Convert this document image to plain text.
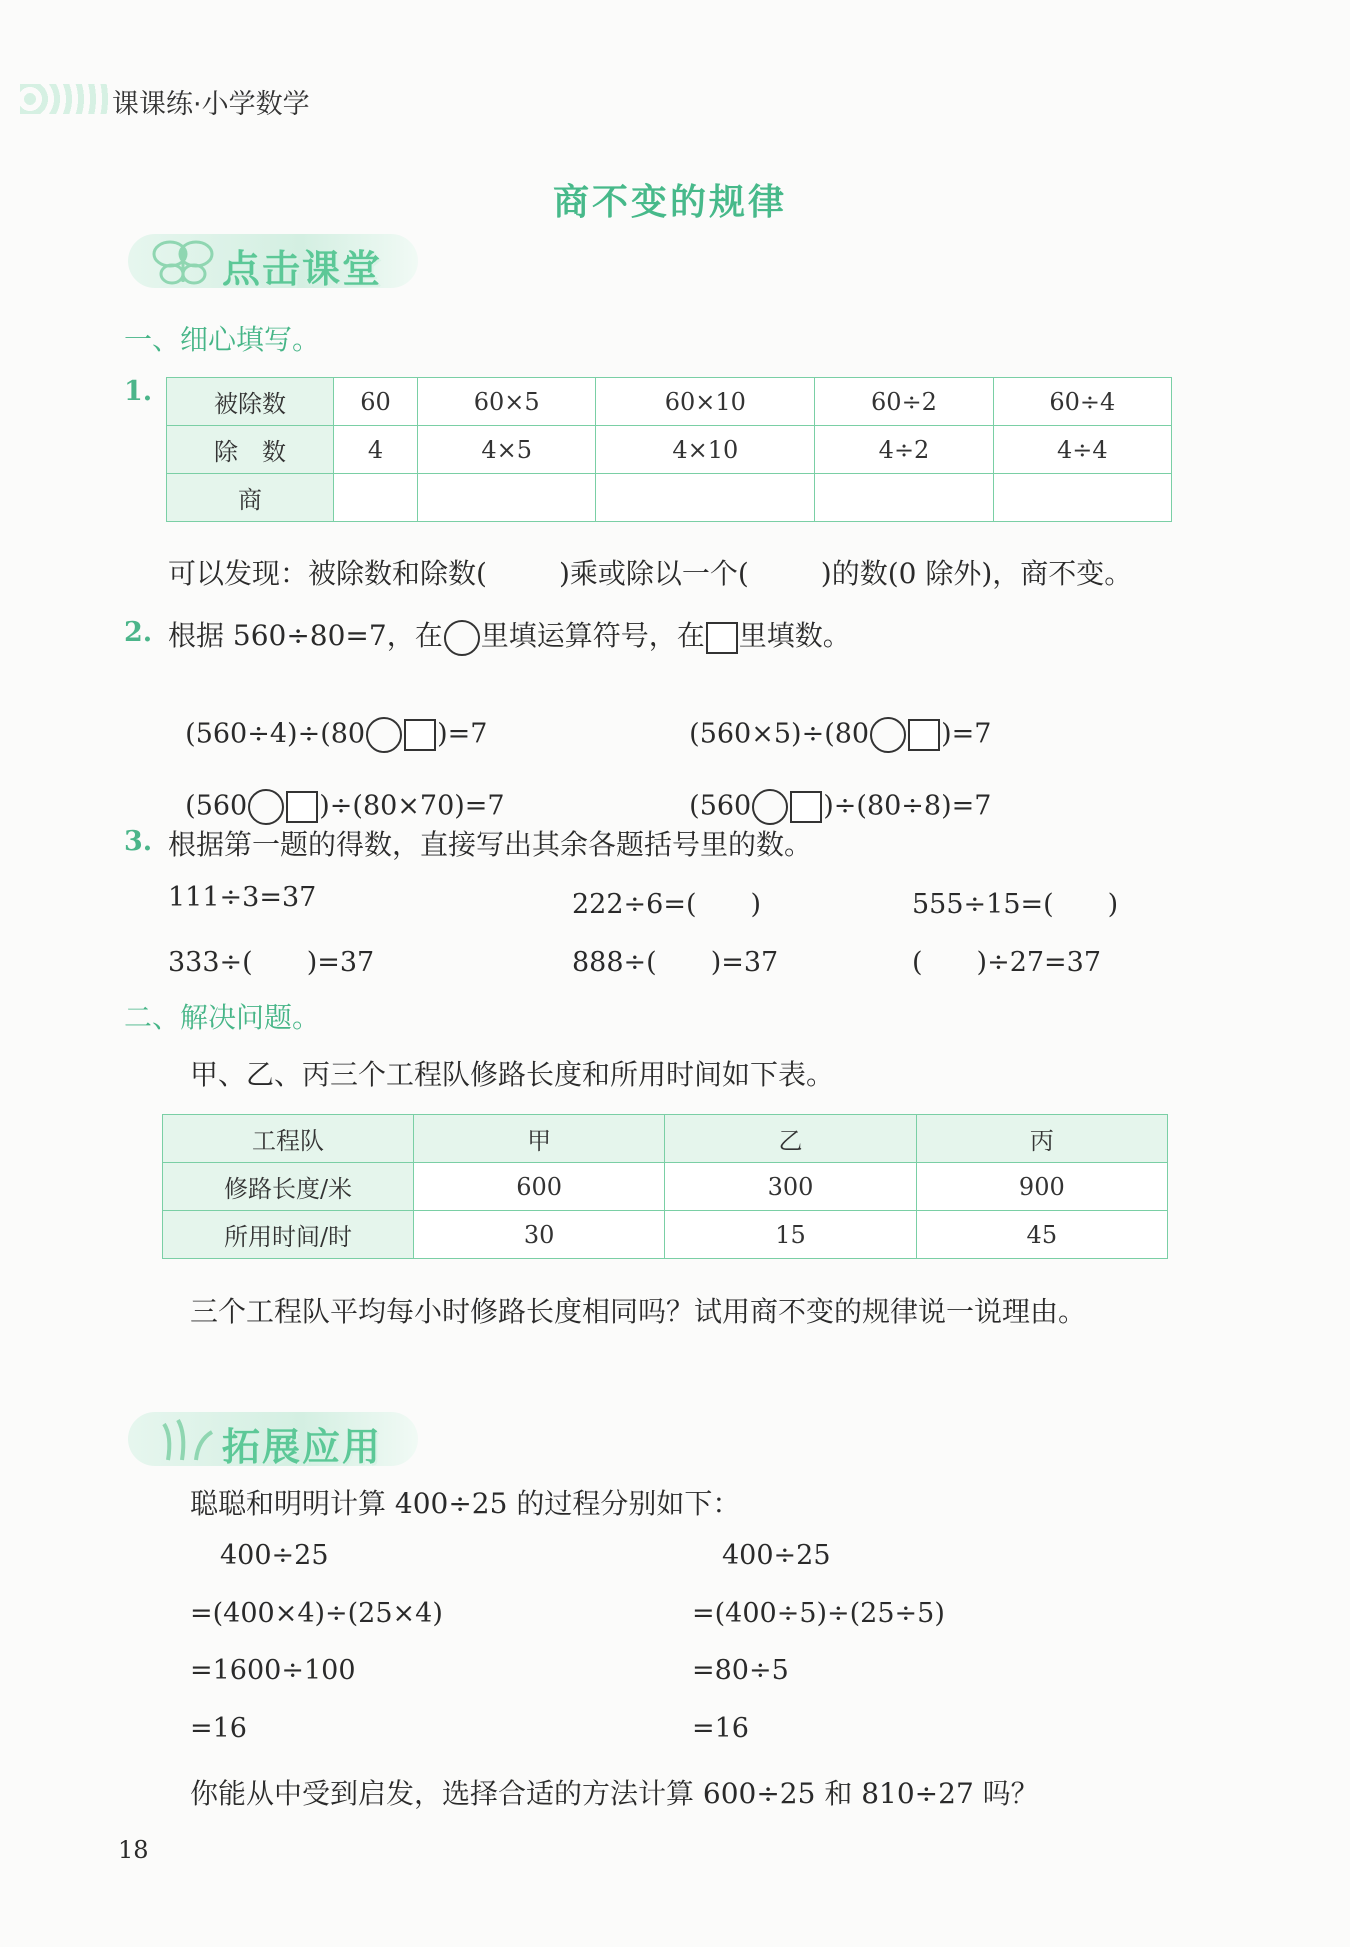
课课练·小学数学
商不变的规律
点击课堂
一、细心填写。
1.	被除数	60	60×5	60×10	60÷2	60÷4
除　数	4	4×5	4×10	4÷2	4÷4
商					
可以发现：被除数和除数(	)乘或除以一个(	)的数(0 除外)，商不变。
2. 根据 560÷80=7，在 里填运算符号，在 里填数。

(560÷4)÷(80	)=7	(560×5)÷(80	)=7

(560	)÷(80×70)=7	(560	)÷(80÷8)=7

3. 根据第一题的得数，直接写出其余各题括号里的数。
111÷3=37	222÷6=(　　)	555÷15=(　　)
333÷(　　)=37	888÷(　　)=37	(　　)÷27=37
二、解决问题。
甲、乙、丙三个工程队修路长度和所用时间如下表。
工程队	甲	乙	丙
修路长度/米	600	300	900
所用时间/时	30	15	45
三个工程队平均每小时修路长度相同吗？试用商不变的规律说一说理由。
拓展应用
聪聪和明明计算 400÷25 的过程分别如下：
400÷25
=(400×4)÷(25×4)
=1600÷100
=16
400÷25
=(400÷5)÷(25÷5)
=80÷5
=16
你能从中受到启发，选择合适的方法计算 600÷25 和 810÷27 吗？
18
